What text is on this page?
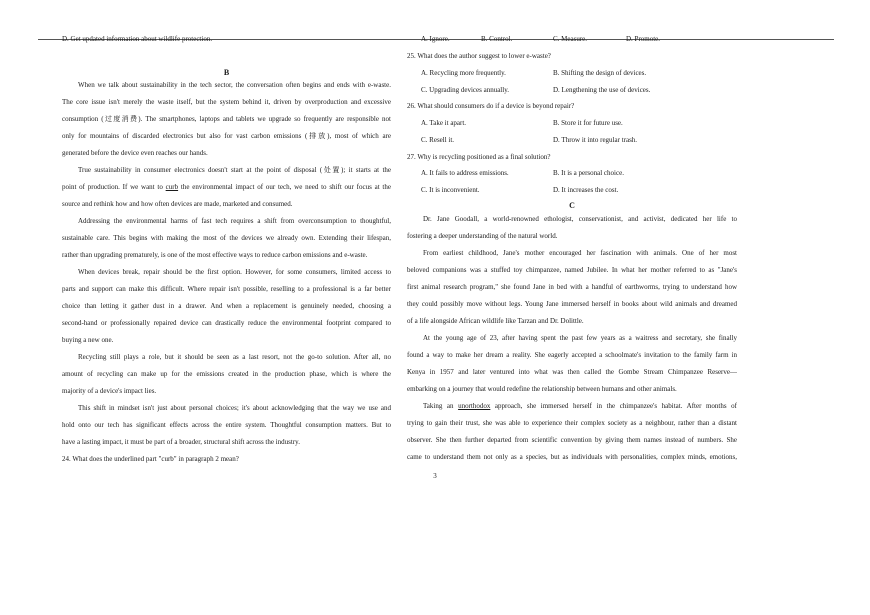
D. Get updated information about wildlife protection.	A. Ignore.	B. Control.	C. Measure.	D. Promote.
B
When we talk about sustainability in the tech sector, the conversation often begins and ends with e-waste.
The core issue isn't merely the waste itself, but the system behind it, driven by overproduction and excessive
consumption (过度消费). The smartphones, laptops and tablets we upgrade so frequently are responsible not
only for mountains of discarded electronics but also for vast carbon emissions (排放), most of which are
generated before the device even reaches our hands.
True sustainability in consumer electronics doesn't start at the point of disposal (处置); it starts at the
point of production. If we want to curb the environmental impact of our tech, we need to shift our focus at the
source and rethink how and how often devices are made, marketed and consumed.
Addressing the environmental harms of fast tech requires a shift from overconsumption to thoughtful,
sustainable care. This begins with making the most of the devices we already own. Extending their lifespan,
rather than upgrading prematurely, is one of the most effective ways to reduce carbon emissions and e-waste.
When devices break, repair should be the first option. However, for some consumers, limited access to
parts and support can make this difficult. Where repair isn't possible, reselling to a professional is a far better
choice than letting it gather dust in a drawer. And when a replacement is genuinely needed, choosing a
second-hand or professionally repaired device can drastically reduce the environmental footprint compared to
buying a new one.
Recycling still plays a role, but it should be seen as a last resort, not the go-to solution. After all, no
amount of recycling can make up for the emissions created in the production phase, which is where the
majority of a device's impact lies.
This shift in mindset isn't just about personal choices; it's about acknowledging that the way we use and
hold onto our tech has significant effects across the entire system. Thoughtful consumption matters. But to
have a lasting impact, it must be part of a broader, structural shift across the industry.
24. What does the underlined part "curb" in paragraph 2 mean?
3
25. What does the author suggest to lower e-waste?
A. Recycling more frequently.	B. Shifting the design of devices.
C. Upgrading devices annually.	D. Lengthening the use of devices.
26. What should consumers do if a device is beyond repair?
A. Take it apart.	B. Store it for future use.
C. Resell it.	D. Throw it into regular trash.
27. Why is recycling positioned as a final solution?
A. It fails to address emissions.	B. It is a personal choice.
C. It is inconvenient.	D. It increases the cost.
C
Dr. Jane Goodall, a world-renowned ethologist, conservationist, and activist, dedicated her life to
fostering a deeper understanding of the natural world.
From earliest childhood, Jane's mother encouraged her fascination with animals. One of her most
beloved companions was a stuffed toy chimpanzee, named Jubilee. In what her mother referred to as "Jane's
first animal research program," she found Jane in bed with a handful of earthworms, trying to understand how
they could possibly move without legs. Young Jane immersed herself in books about wild animals and dreamed
of a life alongside African wildlife like Tarzan and Dr. Dolittle.
At the young age of 23, after having spent the past few years as a waitress and secretary, she finally
found a way to make her dream a reality. She eagerly accepted a schoolmate's invitation to the family farm in
Kenya in 1957 and later ventured into what was then called the Gombe Stream Chimpanzee Reserve—
embarking on a journey that would redefine the relationship between humans and other animals.
Taking an unorthodox approach, she immersed herself in the chimpanzee's habitat. After months of
trying to gain their trust, she was able to experience their complex society as a neighbour, rather than a distant
observer. She then further departed from scientific convention by giving them names instead of numbers. She
came to understand them not only as a species, but as individuals with personalities, complex minds, emotions,
